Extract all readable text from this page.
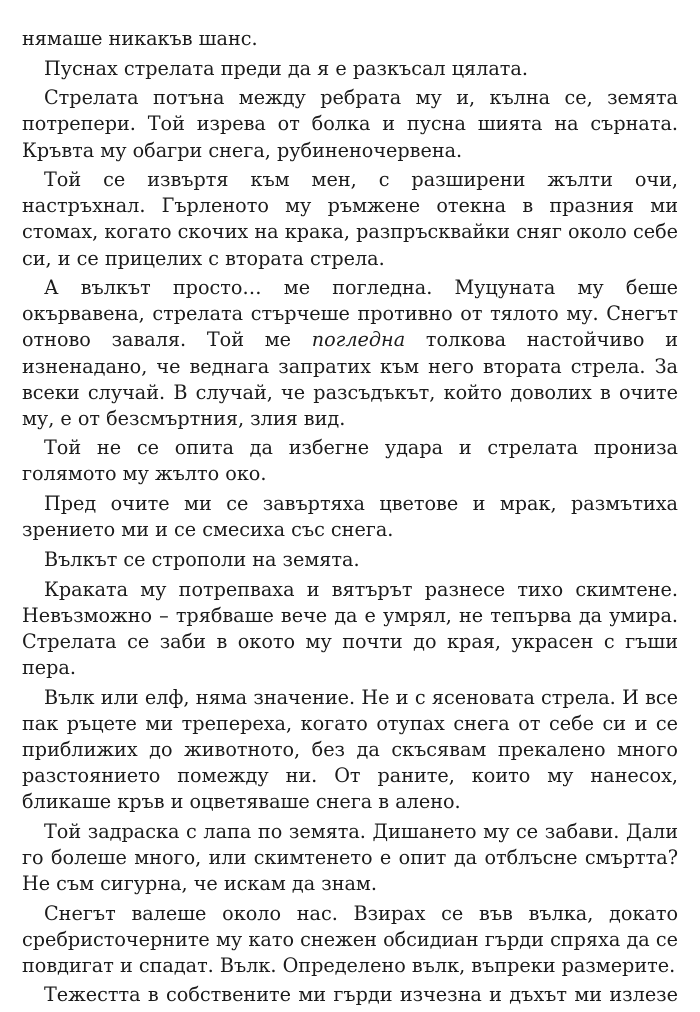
нямаше никакъв шанс.

Пуснах стрелата преди да я е разкъсал цялата.

Стрелата потъна между ребрата му и, кълна се, земята потрепери. Той изрева от болка и пусна шията на сърната. Кръвта му обагри снега, рубиненочервена.

Той се извъртя към мен, с разширени жълти очи, настръхнал. Гърленото му ръмжене отекна в празния ми стомах, когато скочих на крака, разпръсквайки сняг около себе си, и се прицелих с втората стрела.

А вълкът просто… ме погледна. Муцуната му беше окървавена, стрелата стърчеше противно от тялото му. Снегът отново заваля. Той ме погледна толкова настойчиво и изненадано, че веднага запратих към него втората стрела. За всеки случай. В случай, че разсъдъкът, който доволих в очите му, е от безсмъртния, злия вид.

Той не се опита да избегне удара и стрелата прониза голямото му жълто око.

Пред очите ми се завъртяха цветове и мрак, размътиха зрението ми и се смесиха със снега.

Вълкът се строполи на земята.

Краката му потрепваха и вятърът разнесе тихо скимтене. Невъзможно – трябваше вече да е умрял, не тепърва да умира. Стрелата се заби в окото му почти до края, украсен с гъши пера.

Вълк или елф, няма значение. Не и с ясеновата стрела. И все пак ръцете ми трепереха, когато отупах снега от себе си и се приближих до животното, без да скъсявам прекалено много разстоянието помежду ни. От раните, които му нанесох, бликаше кръв и оцветяваше снега в алено.

Той задраска с лапа по земята. Дишането му се забави. Дали го болеше много, или скимтенето е опит да отблъсне смъртта? Не съм сигурна, че искам да знам.

Снегът валеше около нас. Взирах се във вълка, докато сребристочерните му като снежен обсидиан гърди спряха да се повдигат и спадат. Вълк. Определено вълк, въпреки размерите.

Тежестта в собствените ми гърди изчезна и дъхът ми излезе
